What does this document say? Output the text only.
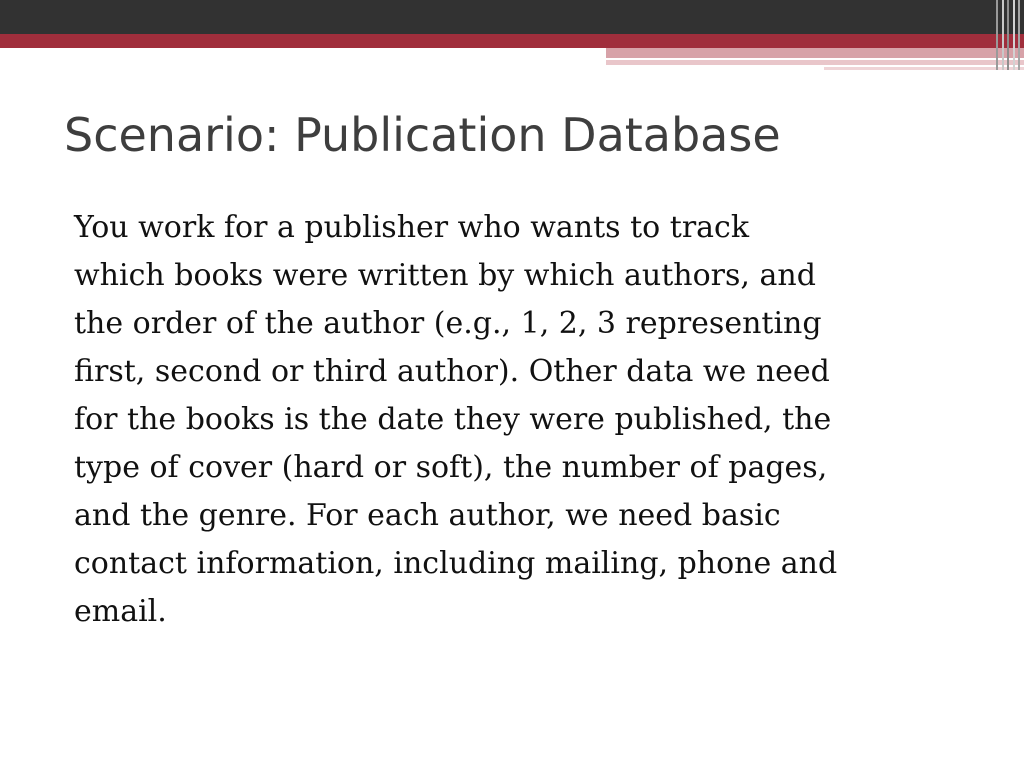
Scenario: Publication Database

You work for a publisher who wants to track
which books were written by which authors, and
the order of the author (e.g., 1, 2, 3 representing
first, second or third author). Other data we need
for the books is the date they were published, the
type of cover (hard or soft), the number of pages,
and the genre. For each author, we need basic
contact information, including mailing, phone and
email.
